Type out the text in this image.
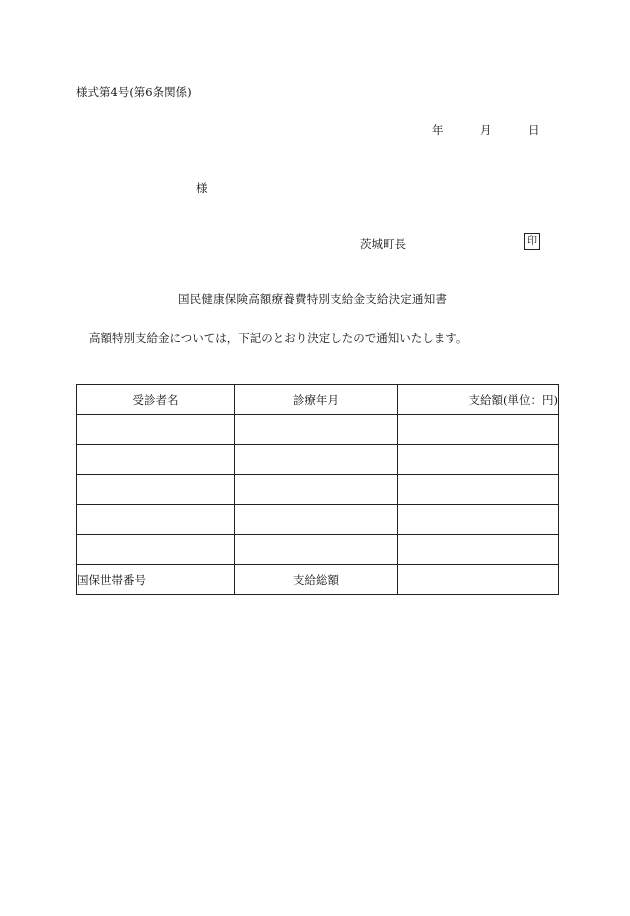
様式第4号(第6条関係)
年	月	日
様
茨城町長	印
国民健康保険高額療養費特別支給金支給決定通知書
高額特別支給金については，下記のとおり決定したので通知いたします。
受診者名	診療年月	支給額(単位：円)

国保世帯番号	支給総額	
